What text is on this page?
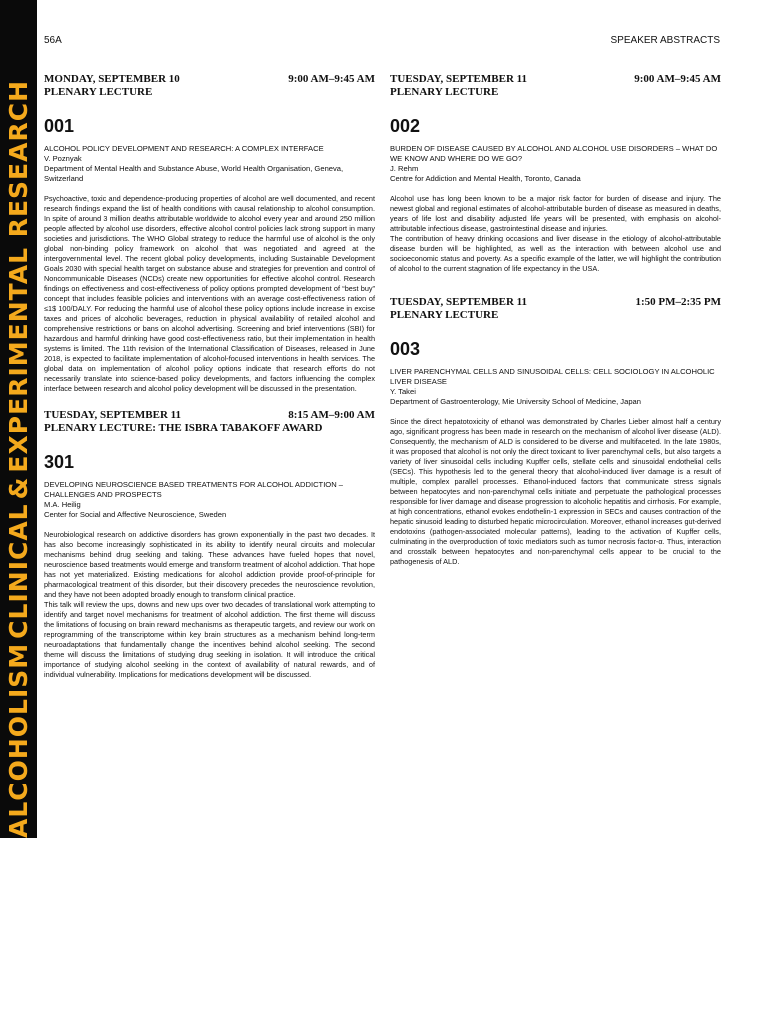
ALCOHOLISM
CLINICAL
&
EXPERIMENTAL RESEARCH
56A	SPEAKER ABSTRACTS
MONDAY, SEPTEMBER 10	9:00 AM–9:45 AM
PLENARY LECTURE
001
ALCOHOL POLICY DEVELOPMENT AND RESEARCH: A COMPLEX INTERFACE
V. Poznyak
Department of Mental Health and Substance Abuse, World Health Organisation, Geneva, Switzerland

Psychoactive, toxic and dependence-producing properties of alcohol are well documented, and recent research findings expand the list of health conditions with causal relationship to alcohol consumption. In spite of around 3 million deaths attributable worldwide to alcohol every year and around 250 million people affected by alcohol use disorders, effective alcohol control policies lack strong support in many societies and jurisdictions. The WHO Global strategy to reduce the harmful use of alcohol is the only global non-binding policy framework on alcohol that was negotiated and agreed at the intergovernmental level. The recent global policy developments, including Sustainable Development Goals 2030 with special health target on substance abuse and strategies for prevention and control of Noncommunicable Diseases (NCDs) create new opportunities for effective alcohol control. Research findings on effectiveness and cost-effectiveness of policy options prompted development of “best buy” concept that includes feasible policies and interventions with an average cost-effectiveness ration of ≤1$ 100/DALY. For reducing the harmful use of alcohol these policy options include increase in excise taxes and prices of alcoholic beverages, reduction in physical availability of retailed alcohol and comprehensive restrictions or bans on alcohol advertising. Screening and brief interventions (SBI) for hazardous and harmful drinking have good cost-effectiveness ratio, but their implementation in health systems is limited. The 11th revision of the International Classification of Diseases, released in June 2018, is expected to facilitate implementation of alcohol-focused interventions in health services. The global data on implementation of alcohol policy options indicate that research efforts do not necessarily translate into science-based policy developments, and factors influencing the complex interface between research and alcohol policy development will be discussed in the presentation.

TUESDAY, SEPTEMBER 11	8:15 AM–9:00 AM
PLENARY LECTURE: THE ISBRA TABAKOFF AWARD
301
DEVELOPING NEUROSCIENCE BASED TREATMENTS FOR ALCOHOL ADDICTION – CHALLENGES AND PROSPECTS
M.A. Heilig
Center for Social and Affective Neuroscience, Sweden

Neurobiological research on addictive disorders has grown exponentially in the past two decades. It has also become increasingly sophisticated in its ability to identify neural circuits and molecular mechanisms behind drug seeking and taking. These advances have fueled hopes that novel, neuroscience based treatments would emerge and transform treatment of alcohol addiction. That hope has not yet materialized. Existing medications for alcohol addiction provide proof-of-principle for pharmacological treatment of this disorder, but their discovery precedes the neuroscience revolution, and they have not been adopted broadly enough to transform clinical practice.

This talk will review the ups, downs and new ups over two decades of translational work attempting to identify and target novel mechanisms for treatment of alcohol addiction. The first theme will discuss the limitations of focusing on brain reward mechanisms as therapeutic targets, and review our work on reprogramming of the transcriptome within key brain structures as a mechanism behind long-term neuroadaptations that fundamentally change the incentives behind alcohol seeking. The second theme will discuss the limitations of studying drug seeking in isolation. It will introduce the critical importance of studying alcohol seeking in the context of availability of natural rewards, and of individual vulnerability. Implications for medications development will be discussed.

TUESDAY, SEPTEMBER 11	9:00 AM–9:45 AM
PLENARY LECTURE
002
BURDEN OF DISEASE CAUSED BY ALCOHOL AND ALCOHOL USE DISORDERS – WHAT DO WE KNOW AND WHERE DO WE GO?
J. Rehm
Centre for Addiction and Mental Health, Toronto, Canada

Alcohol use has long been known to be a major risk factor for burden of disease and injury. The newest global and regional estimates of alcohol-attributable burden of disease as measured in deaths, years of life lost and disability adjusted life years will be presented, with emphasis on alcohol-attributable infectious disease, gastrointestinal disease and injuries.

The contribution of heavy drinking occasions and liver disease in the etiology of alcohol-attributable disease burden will be highlighted, as well as the interaction with between alcohol use and socioeconomic status and poverty. As a specific example of the latter, we will highlight the contribution of alcohol to the current stagnation of life expectancy in the USA.

TUESDAY, SEPTEMBER 11	1:50 PM–2:35 PM
PLENARY LECTURE
003
LIVER PARENCHYMAL CELLS AND SINUSOIDAL CELLS: CELL SOCIOLOGY IN ALCOHOLIC LIVER DISEASE
Y. Takei
Department of Gastroenterology, Mie University School of Medicine, Japan

Since the direct hepatotoxicity of ethanol was demonstrated by Charles Lieber almost half a century ago, significant progress has been made in research on the mechanism of alcohol liver disease (ALD). Consequently, the mechanism of ALD is considered to be diverse and multifaceted. In the late 1980s, it was proposed that alcohol is not only the direct toxicant to liver parenchymal cells, but also targets a variety of liver sinusoidal cells including Kupffer cells, stellate cells and sinusoidal endothelial cells (SECs). This hypothesis led to the general theory that alcohol-induced liver damage is a result of multiple, complex parallel processes. Ethanol-induced factors that communicate stress signals between hepatocytes and non-parenchymal cells initiate and perpetuate the pathological processes responsible for liver damage and disease progression to alcoholic hepatitis and cirrhosis. For example, at high concentrations, ethanol evokes endothelin-1 expression in SECs and causes contraction of the hepatic sinusoid leading to disturbed hepatic microcirculation. Moreover, ethanol increases gut-derived endotoxins (pathogen-associated molecular patterns), leading to the activation of Kupffer cells, culminating in the overproduction of toxic mediators such as tumor necrosis factor-α. Thus, interaction and crosstalk between hepatocytes and non-parenchymal cells appear to be crucial to the pathogenesis of ALD.
